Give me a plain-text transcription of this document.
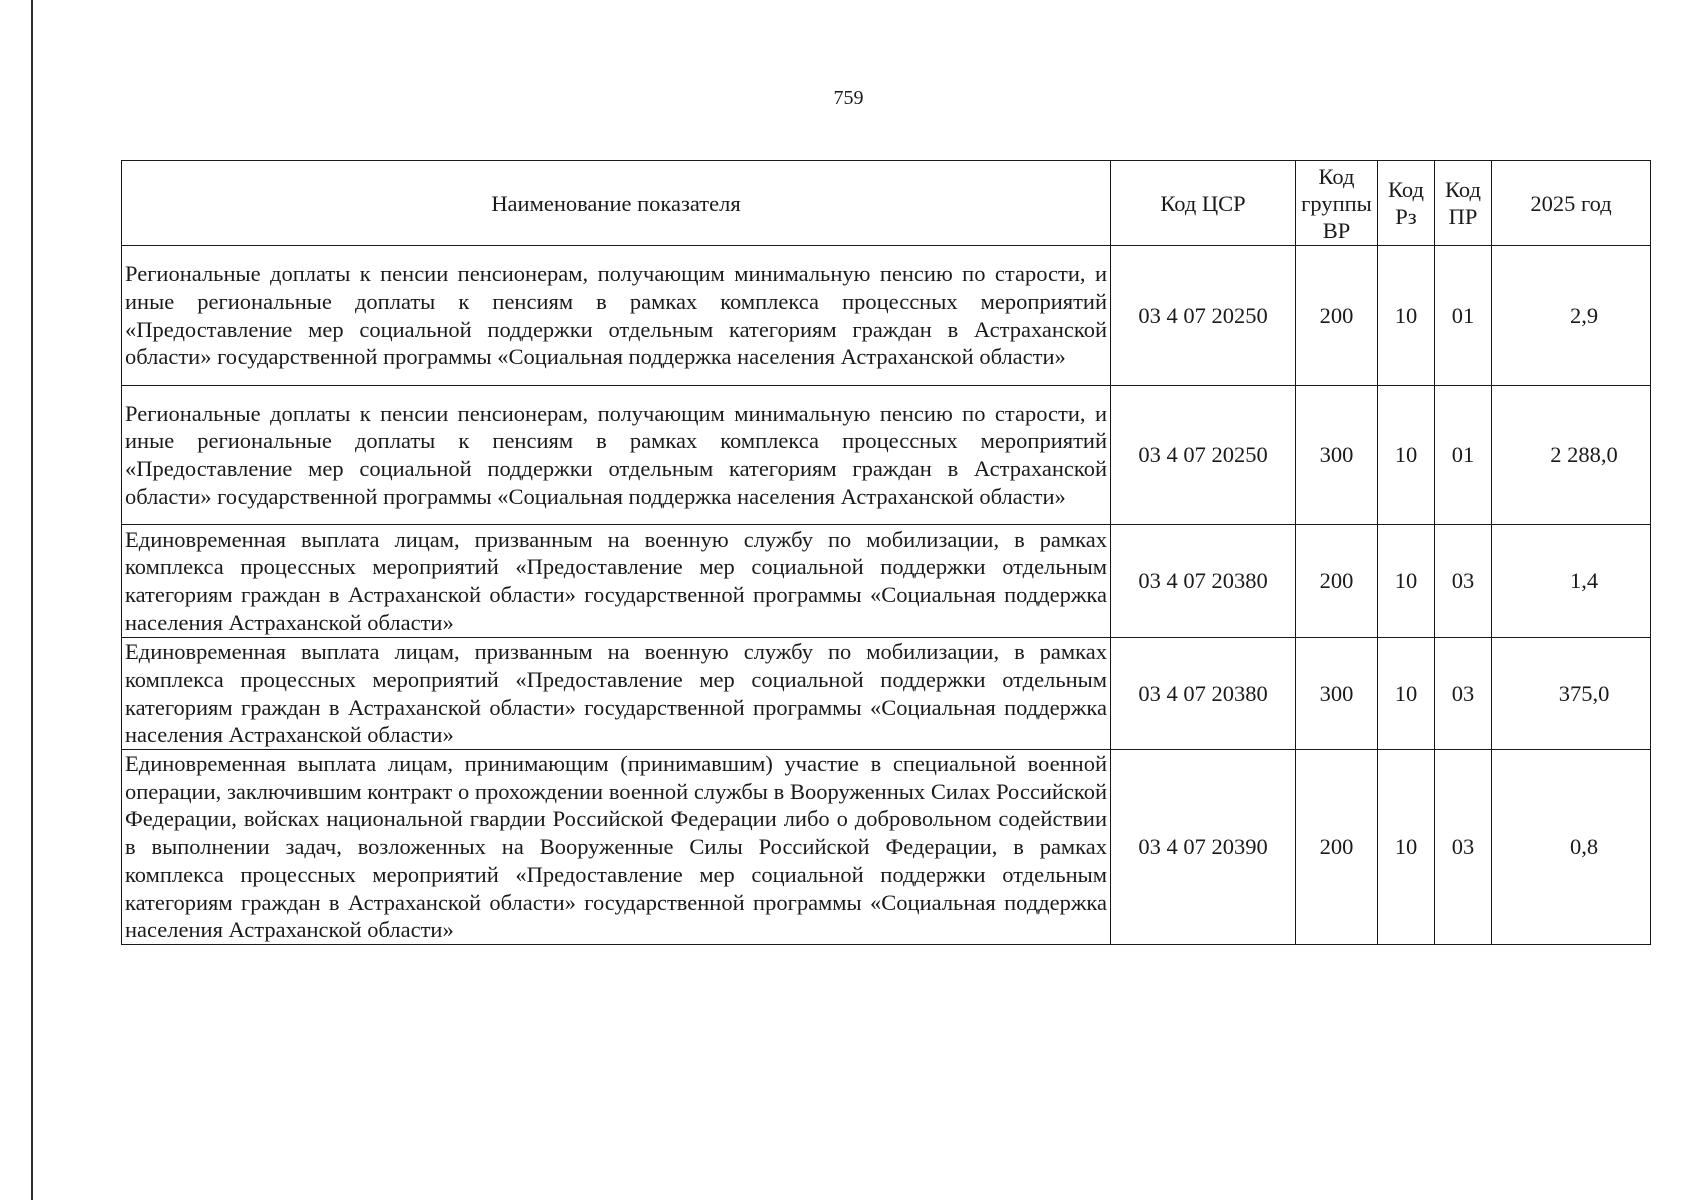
759
Наименование показателя	Код ЦСР	Код группы ВР	Код Рз	Код ПР	2025 год
Региональные доплаты к пенсии пенсионерам, получающим минимальную пенсию по старости, и иные региональные доплаты к пенсиям в рамках комплекса процессных мероприятий «Предоставление мер социальной поддержки отдельным категориям граждан в Астраханской области» государственной программы «Социальная поддержка населения Астраханской области»	03 4 07 20250	200	10	01	2,9
Региональные доплаты к пенсии пенсионерам, получающим минимальную пенсию по старости, и иные региональные доплаты к пенсиям в рамках комплекса процессных мероприятий «Предоставление мер социальной поддержки отдельным категориям граждан в Астраханской области» государственной программы «Социальная поддержка населения Астраханской области»	03 4 07 20250	300	10	01	2 288,0
Единовременная выплата лицам, призванным на военную службу по мобилизации, в рамках комплекса процессных мероприятий «Предоставление мер социальной поддержки отдельным категориям граждан в Астраханской области» государственной программы «Социальная поддержка населения Астраханской области»	03 4 07 20380	200	10	03	1,4
Единовременная выплата лицам, призванным на военную службу по мобилизации, в рамках комплекса процессных мероприятий «Предоставление мер социальной поддержки отдельным категориям граждан в Астраханской области» государственной программы «Социальная поддержка населения Астраханской области»	03 4 07 20380	300	10	03	375,0
Единовременная выплата лицам, принимающим (принимавшим) участие в специальной военной операции, заключившим контракт о прохождении военной службы в Вооруженных Силах Российской Федерации, войсках национальной гвардии Российской Федерации либо о добровольном содействии в выполнении задач, возложенных на Вооруженные Силы Российской Федерации, в рамках комплекса процессных мероприятий «Предоставление мер социальной поддержки отдельным категориям граждан в Астраханской области» государственной программы «Социальная поддержка населения Астраханской области»	03 4 07 20390	200	10	03	0,8
